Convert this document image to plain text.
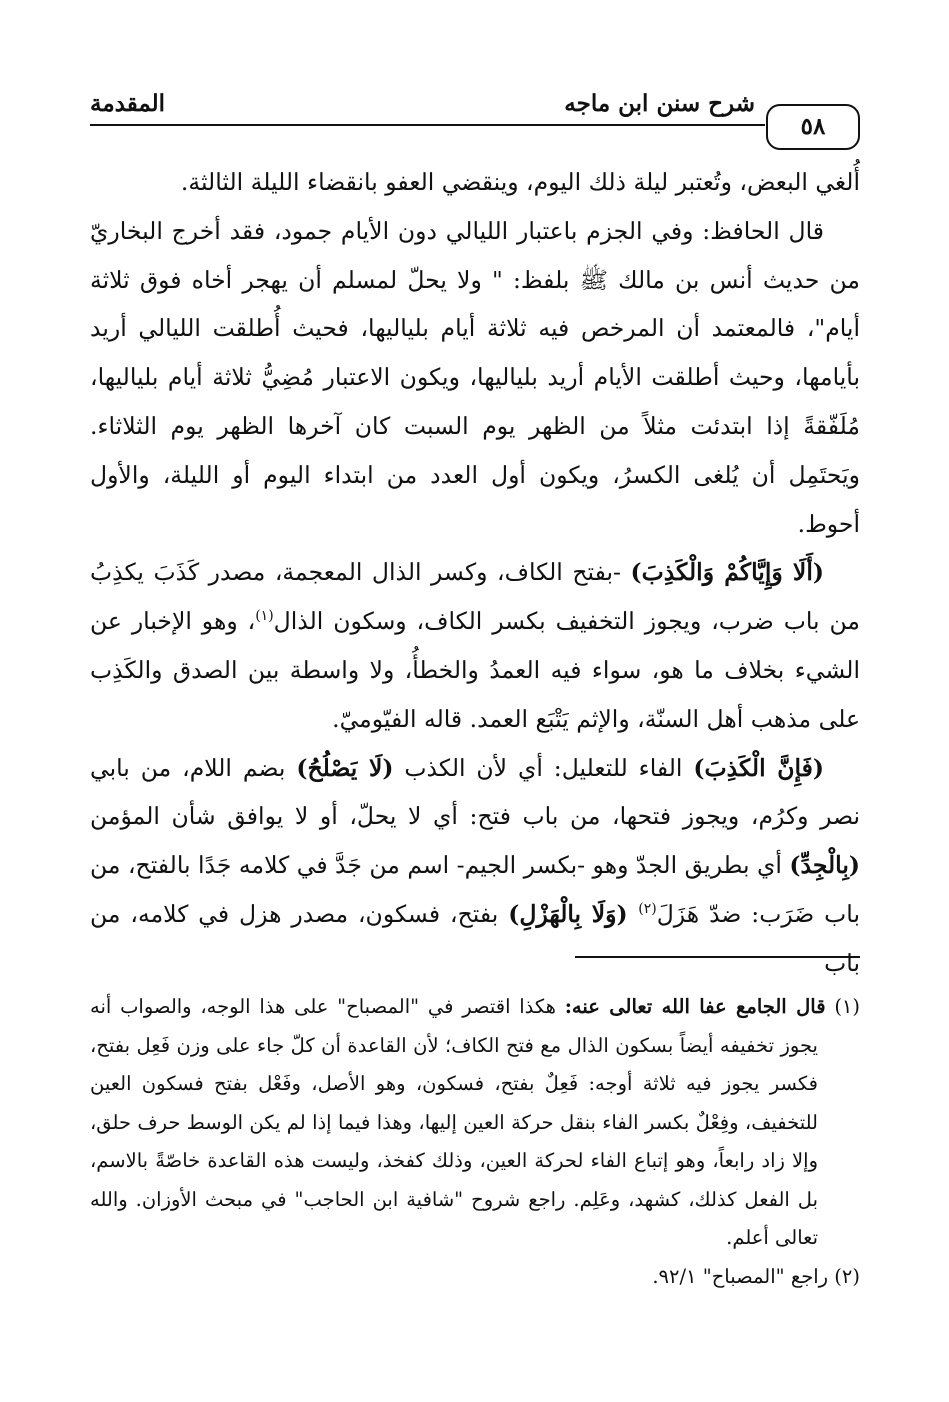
المقدمة	شرح سنن ابن ماجه
٥٨

أُلغي البعض، وتُعتبر ليلة ذلك اليوم، وينقضي العفو بانقضاء الليلة الثالثة.

قال الحافظ: وفي الجزم باعتبار الليالي دون الأيام جمود، فقد أخرج البخاريّ من حديث أنس بن مالك ﷺ بلفظ: " ولا يحلّ لمسلم أن يهجر أخاه فوق ثلاثة أيام"، فالمعتمد أن المرخص فيه ثلاثة أيام بلياليها، فحيث أُطلقت الليالي أريد بأيامها، وحيث أطلقت الأيام أريد بلياليها، ويكون الاعتبار مُضِيُّ ثلاثة أيام بلياليها، مُلَفّقةً إذا ابتدئت مثلاً من الظهر يوم السبت كان آخرها الظهر يوم الثلاثاء. ويَحتَمِل أن يُلغى الكسرُ، ويكون أول العدد من ابتداء اليوم أو الليلة، والأول أحوط.

(أَلَا وَإِيَّاكُمْ وَالْكَذِبَ) -بفتح الكاف، وكسر الذال المعجمة، مصدر كَذَبَ يكذِبُ من باب ضرب، ويجوز التخفيف بكسر الكاف، وسكون الذال$^{(١)}$، وهو الإخبار عن الشيء بخلاف ما هو، سواء فيه العمدُ والخطأُ، ولا واسطة بين الصدق والكَذِب على مذهب أهل السنّة، والإثم يَتْبَع العمد. قاله الفيّوميّ.

(فَإِنَّ الْكَذِبَ) الفاء للتعليل: أي لأن الكذب (لَا يَصْلُحُ) بضم اللام، من بابي نصر وكرُم، ويجوز فتحها، من باب فتح: أي لا يحلّ، أو لا يوافق شأن المؤمن (بِالْجِدِّ) أي بطريق الجدّ وهو -بكسر الجيم- اسم من جَدَّ في كلامه جَدًا بالفتح، من باب ضَرَب: ضدّ هَزَلَ$^{(٢)}$ (وَلَا بِالْهَزْلِ) بفتح، فسكون، مصدر هزل في كلامه، من باب

(١) قال الجامع عفا الله تعالى عنه: هكذا اقتصر في "المصباح" على هذا الوجه، والصواب أنه يجوز تخفيفه أيضاً بسكون الذال مع فتح الكاف؛ لأن القاعدة أن كلّ جاء على وزن فَعِل بفتح، فكسر يجوز فيه ثلاثة أوجه: فَعِلٌ بفتح، فسكون، وهو الأصل، وفَعْل بفتح فسكون العين للتخفيف، وفِعْلٌ بكسر الفاء بنقل حركة العين إليها، وهذا فيما إذا لم يكن الوسط حرف حلق، وإلا زاد رابعاً، وهو إتباع الفاء لحركة العين، وذلك كفخذ، وليست هذه القاعدة خاصّةً بالاسم، بل الفعل كذلك، كشهد، وعَلِم. راجع شروح "شافية ابن الحاجب" في مبحث الأوزان. والله تعالى أعلم.

(٢) راجع "المصباح" ٩٢/١.
